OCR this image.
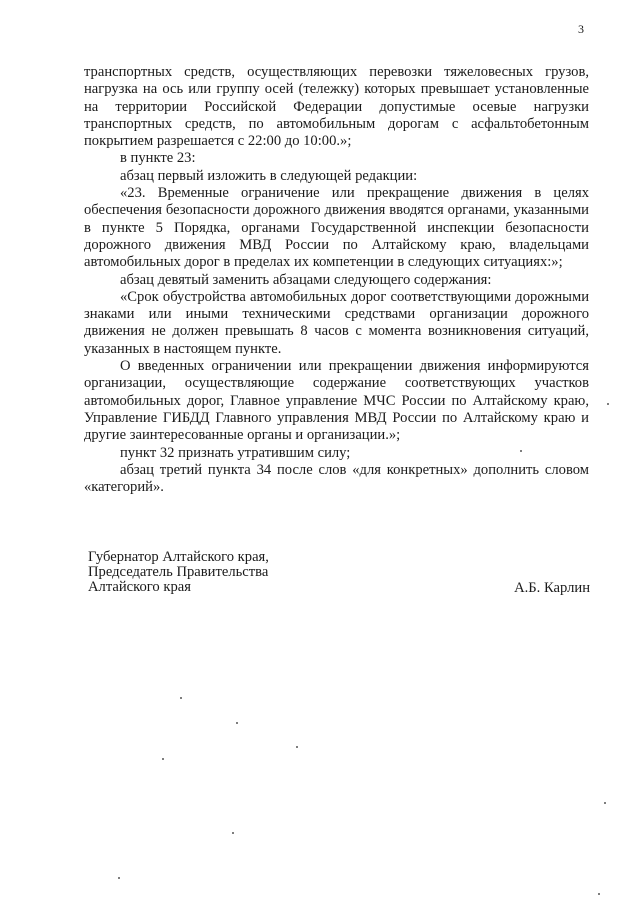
3

транспортных средств, осуществляющих перевозки тяжеловесных грузов, нагрузка на ось или группу осей (тележку) которых превышает установленные на территории Российской Федерации допустимые осевые нагрузки транспортных средств, по автомобильным дорогам с асфальтобетонным покрытием разрешается с 22:00 до 10:00.»;

в пункте 23:

абзац первый изложить в следующей редакции:

«23. Временные ограничение или прекращение движения в целях обеспечения безопасности дорожного движения вводятся органами, указанными в пункте 5 Порядка, органами Государственной инспекции безопасности дорожного движения МВД России по Алтайскому краю, владельцами автомобильных дорог в пределах их компетенции в следующих ситуациях:»;

абзац девятый заменить абзацами следующего содержания:

«Срок обустройства автомобильных дорог соответствующими дорожными знаками или иными техническими средствами организации дорожного движения не должен превышать 8 часов с момента возникновения ситуаций, указанных в настоящем пункте.

О введенных ограничении или прекращении движения информируются организации, осуществляющие содержание соответствующих участков автомобильных дорог, Главное управление МЧС России по Алтайскому краю, Управление ГИБДД Главного управления МВД России по Алтайскому краю и другие заинтересованные органы и организации.»;

пункт 32 признать утратившим силу;

абзац третий пункта 34 после слов «для конкретных» дополнить словом «категорий».

Губернатор Алтайского края,

Председатель Правительства

Алтайского края	А.Б. Карлин
